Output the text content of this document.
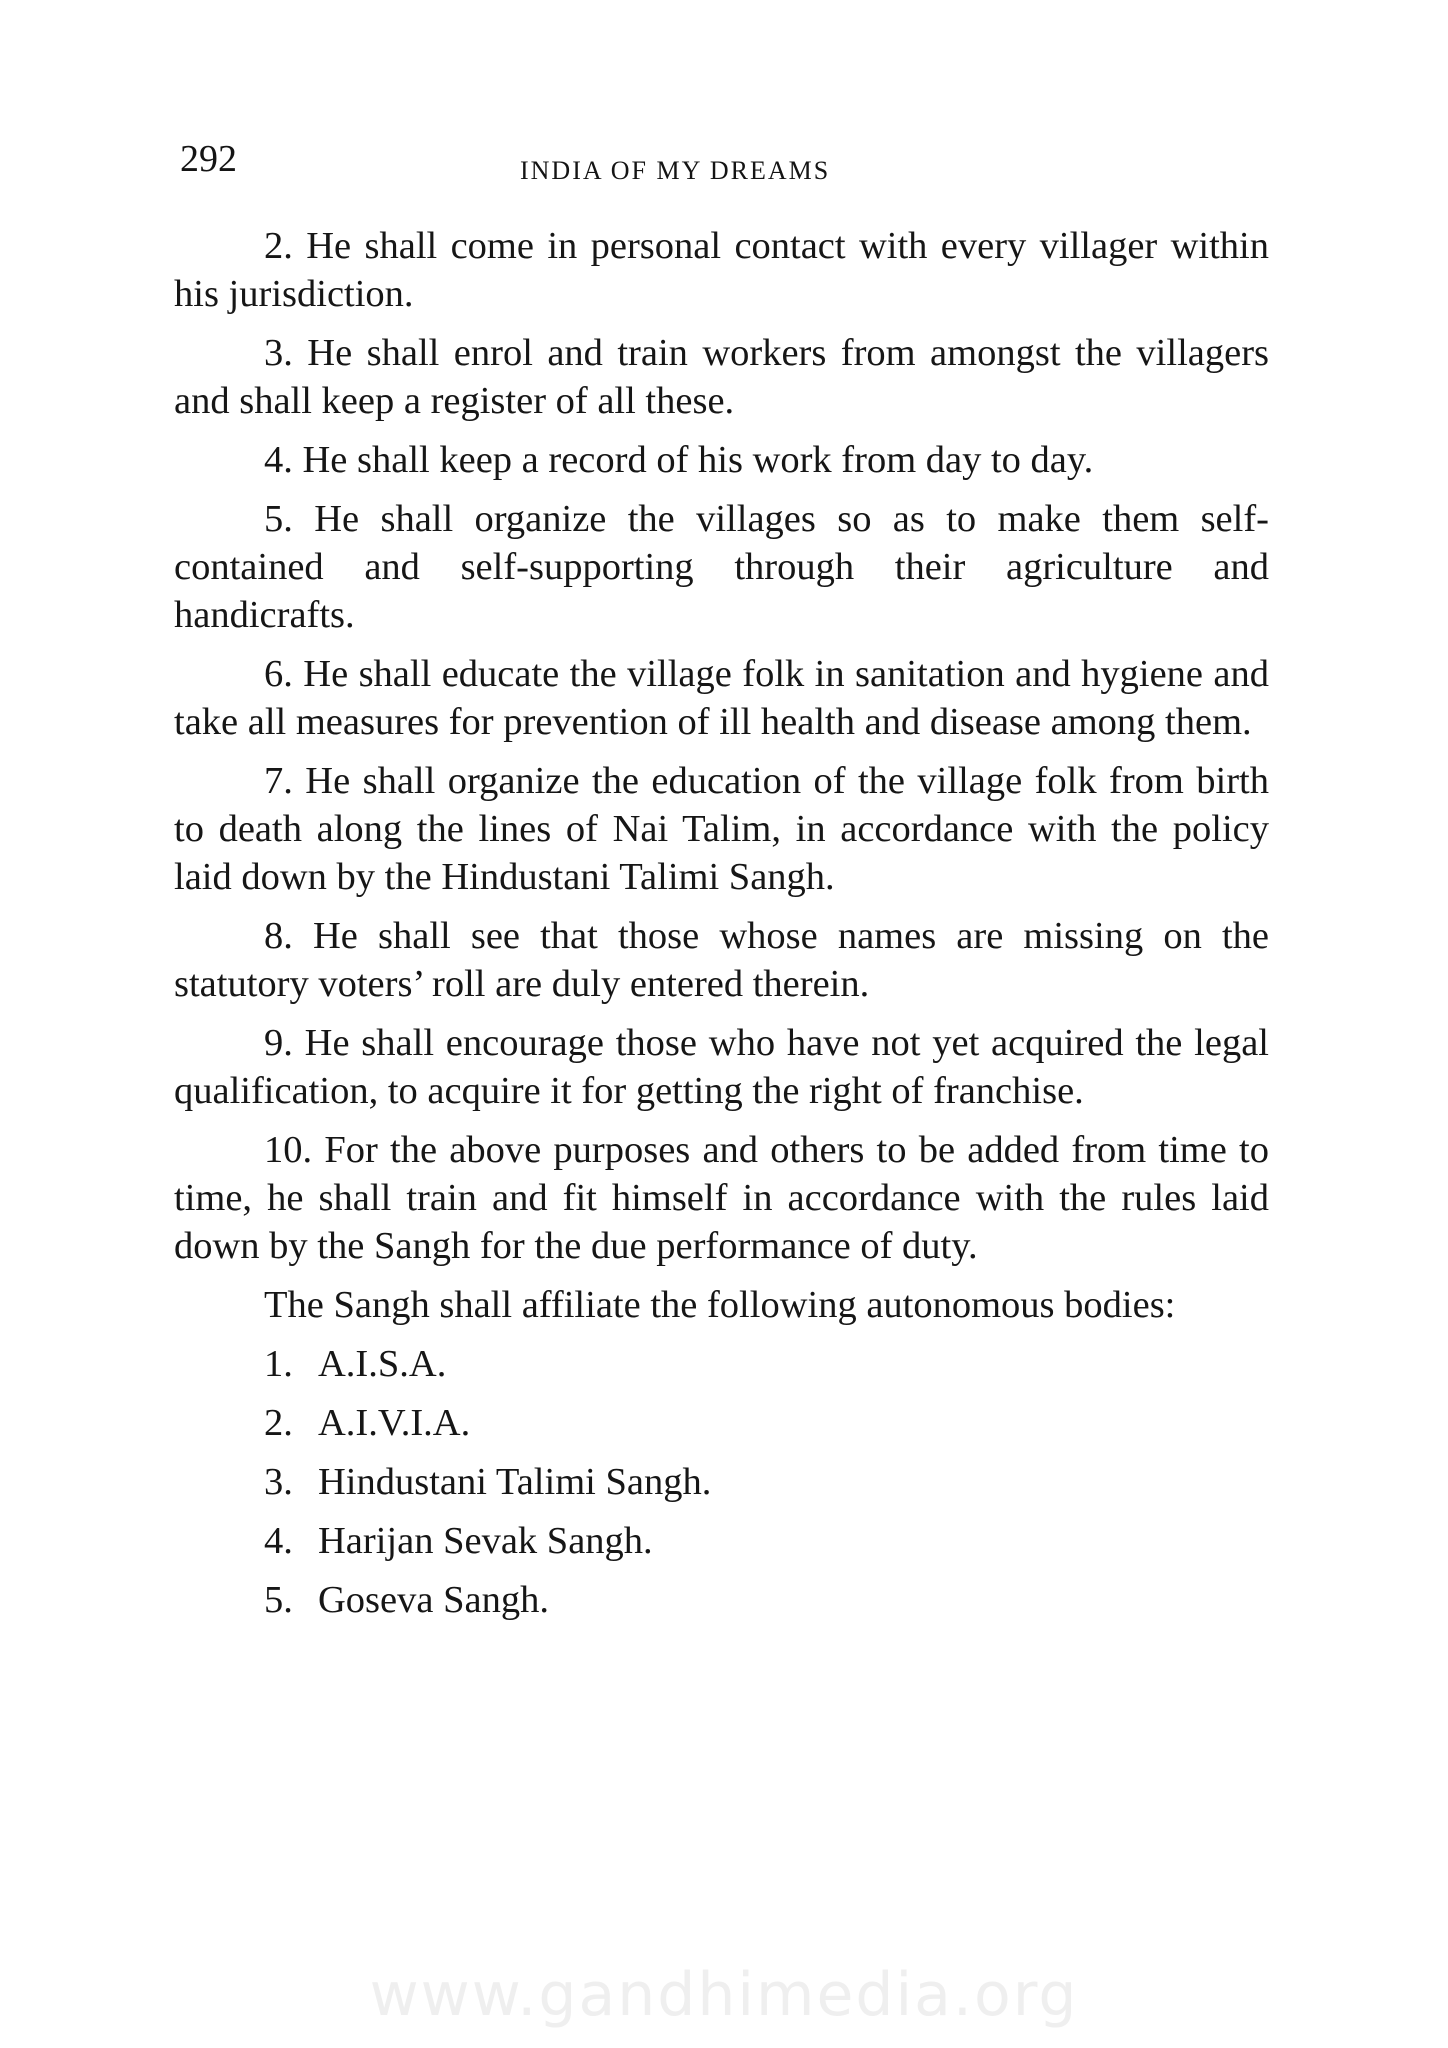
292	INDIA OF MY DREAMS

2. He shall come in personal contact with every villager within his jurisdiction.

3. He shall enrol and train workers from amongst the villagers and shall keep a register of all these.

4. He shall keep a record of his work from day to day.

5. He shall organize the villages so as to make them self-contained and self-supporting through their agriculture and handicrafts.

6. He shall educate the village folk in sanitation and hygiene and take all measures for prevention of ill health and disease among them.

7. He shall organize the education of the village folk from birth to death along the lines of Nai Talim, in accordance with the policy laid down by the Hindustani Talimi Sangh.

8. He shall see that those whose names are missing on the statutory voters’ roll are duly entered therein.

9. He shall encourage those who have not yet acquired the legal qualification, to acquire it for getting the right of franchise.

10. For the above purposes and others to be added from time to time, he shall train and fit himself in accordance with the rules laid down by the Sangh for the due performance of duty.

The Sangh shall affiliate the following autonomous bodies:

1. A.I.S.A.
2. A.I.V.I.A.
3. Hindustani Talimi Sangh.
4. Harijan Sevak Sangh.
5. Goseva Sangh.
www.gandhimedia.org
